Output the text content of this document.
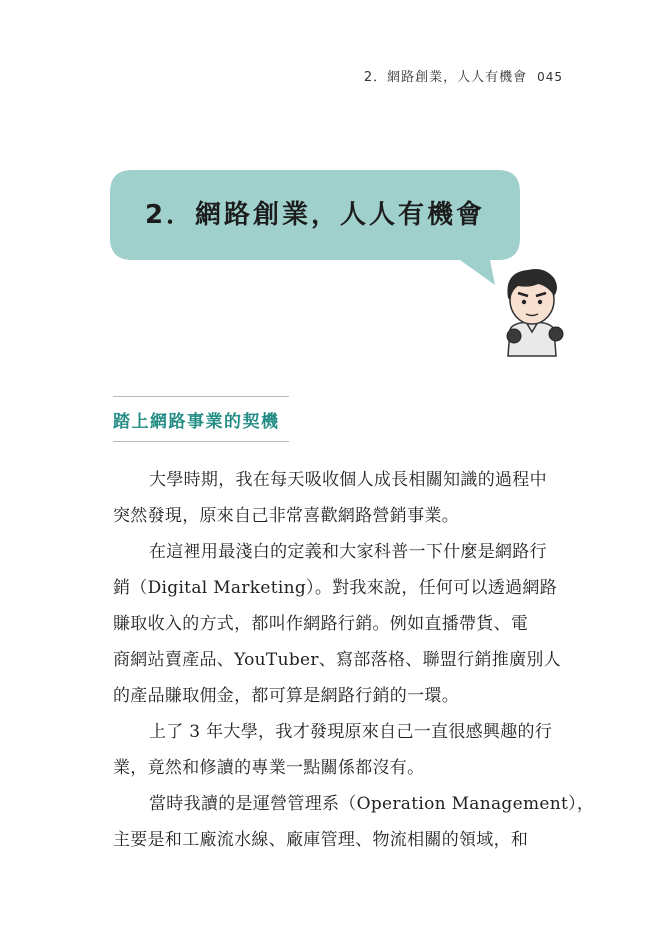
2．網路創業，人人有機會 045
2．網路創業，人人有機會
踏上網路事業的契機
大學時期，我在每天吸收個人成長相關知識的過程中
突然發現，原來自己非常喜歡網路營銷事業。
在這裡用最淺白的定義和大家科普一下什麼是網路行
銷（Digital Marketing）。對我來說，任何可以透過網路
賺取收入的方式，都叫作網路行銷。例如直播帶貨、電
商網站賣產品、YouTuber、寫部落格、聯盟行銷推廣別人
的產品賺取佣金，都可算是網路行銷的一環。
上了 3 年大學，我才發現原來自己一直很感興趣的行
業，竟然和修讀的專業一點關係都沒有。
當時我讀的是運營管理系（Operation Management），
主要是和工廠流水線、廠庫管理、物流相關的領域，和
